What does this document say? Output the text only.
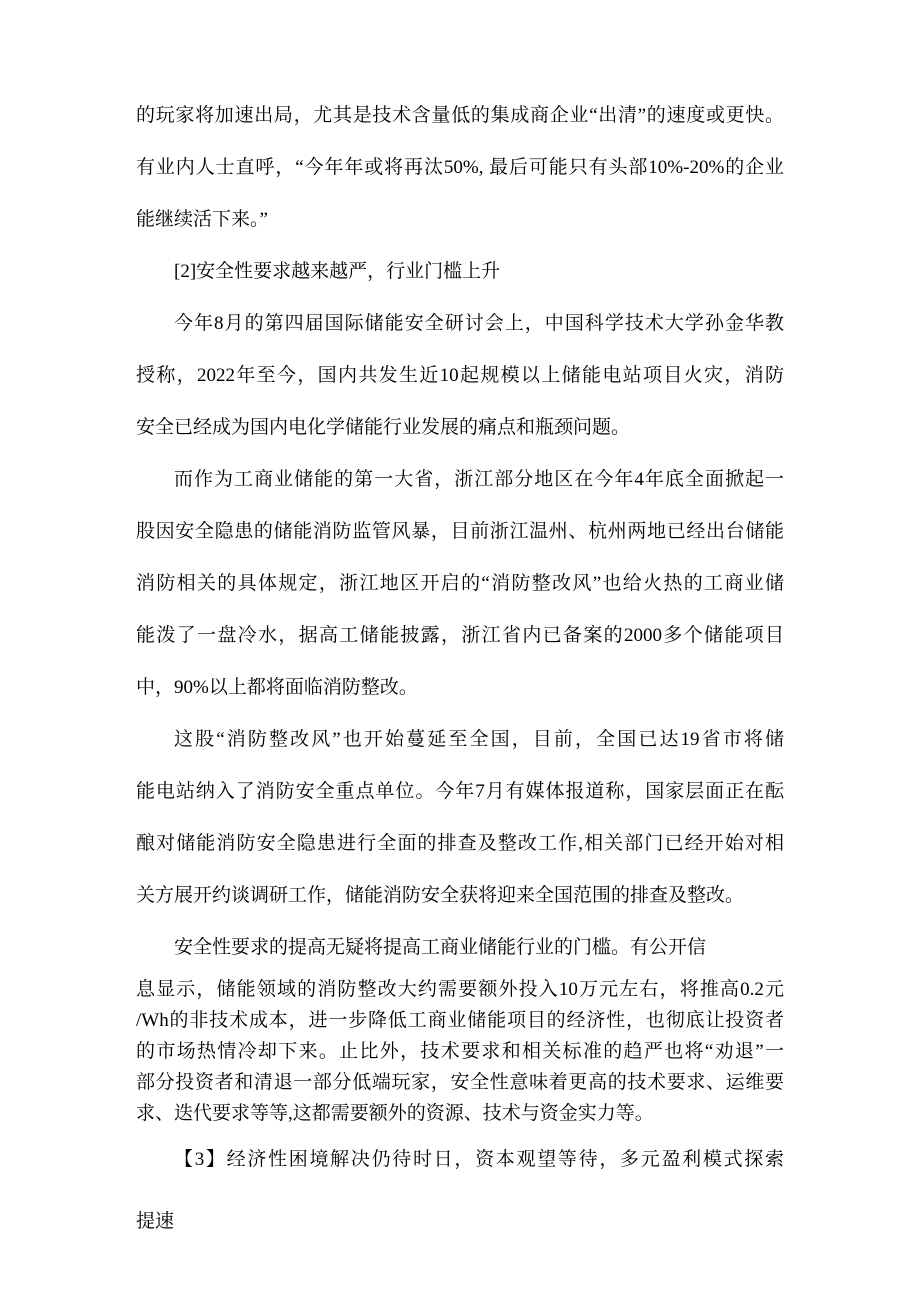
的玩家将加速出局，尤其是技术含量低的集成商企业“出清”的速度或更快。
有业内人士直呼，“今年年或将再汰50%, 最后可能只有头部10%-20%的企业
能继续活下来。”
[2]安全性要求越来越严，行业门槛上升
今年8月的第四届国际储能安全研讨会上，中国科学技术大学孙金华教
授称，2022年至今，国内共发生近10起规模以上储能电站项目火灾，消防
安全已经成为国内电化学储能行业发展的痛点和瓶颈问题。
而作为工商业储能的第一大省，浙江部分地区在今年4年底全面掀起一
股因安全隐患的储能消防监管风暴，目前浙江温州、杭州两地已经出台储能
消防相关的具体规定，浙江地区开启的“消防整改风”也给火热的工商业储
能泼了一盘冷水，据高工储能披露，浙江省内已备案的2000多个储能项目
中，90%以上都将面临消防整改。
这股“消防整改风”也开始蔓延至全国，目前，全国已达19省市将储
能电站纳入了消防安全重点单位。今年7月有媒体报道称，国家层面正在酝
酿对储能消防安全隐患进行全面的排查及整改工作,相关部门已经开始对相
关方展开约谈调研工作，储能消防安全获将迎来全国范围的排查及整改。
安全性要求的提高无疑将提高工商业储能行业的门槛。有公开信
息显示，储能领域的消防整改大约需要额外投入10万元左右，将推高0.2元
/Wh的非技术成本，进一步降低工商业储能项目的经济性，也彻底让投资者
的市场热情冷却下来。止比外，技术要求和相关标准的趋严也将“劝退”一
部分投资者和清退一部分低端玩家，安全性意味着更高的技术要求、运维要
求、迭代要求等等,这都需要额外的资源、技术与资金实力等。
【3】经济性困境解决仍待时日，资本观望等待，多元盈利模式探索
提速
